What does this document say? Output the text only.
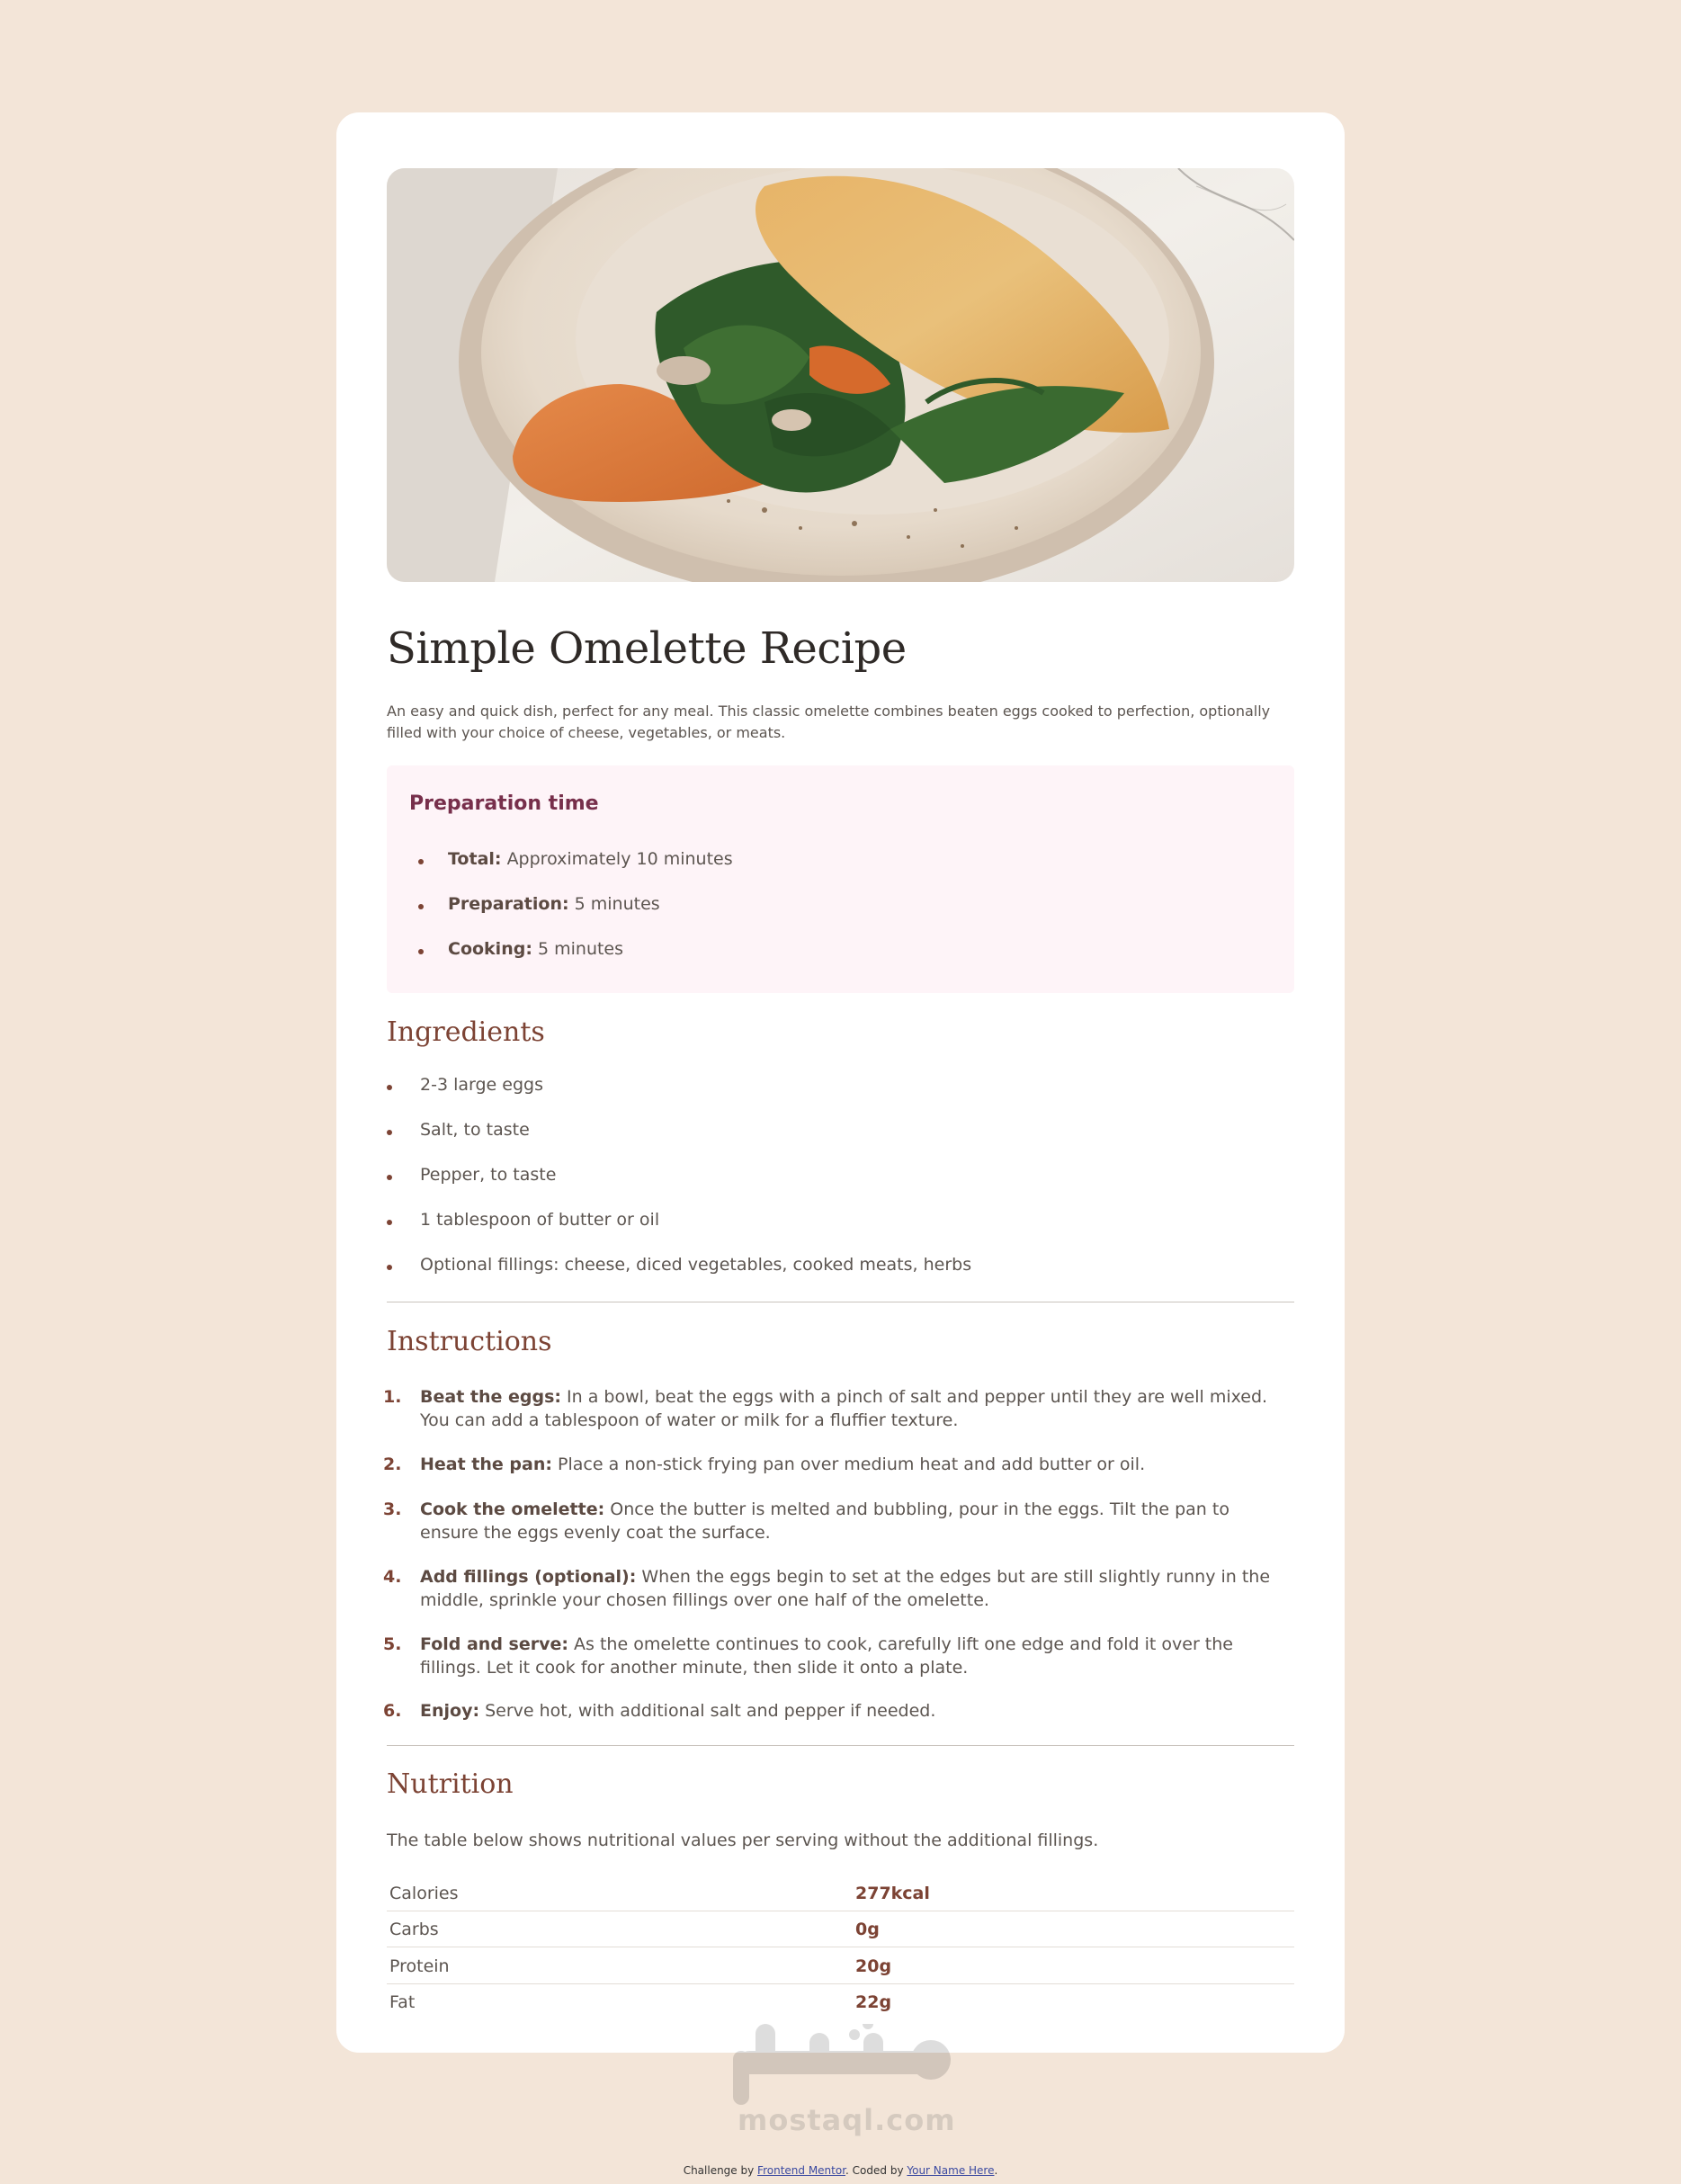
Simple Omelette Recipe

An easy and quick dish, perfect for any meal. This classic omelette combines beaten eggs cooked to perfection, optionally filled with your choice of cheese, vegetables, or meats.

Preparation time
Total: Approximately 10 minutes
Preparation: 5 minutes
Cooking: 5 minutes
Ingredients
2-3 large eggs
Salt, to taste
Pepper, to taste
1 tablespoon of butter or oil
Optional fillings: cheese, diced vegetables, cooked meats, herbs
Instructions
1. Beat the eggs: In a bowl, beat the eggs with a pinch of salt and pepper until they are well mixed. You can add a tablespoon of water or milk for a fluffier texture.
2. Heat the pan: Place a non-stick frying pan over medium heat and add butter or oil.
3. Cook the omelette: Once the butter is melted and bubbling, pour in the eggs. Tilt the pan to ensure the eggs evenly coat the surface.
4. Add fillings (optional): When the eggs begin to set at the edges but are still slightly runny in the middle, sprinkle your chosen fillings over one half of the omelette.
5. Fold and serve: As the omelette continues to cook, carefully lift one edge and fold it over the fillings. Let it cook for another minute, then slide it onto a plate.
6. Enjoy: Serve hot, with additional salt and pepper if needed.
Nutrition

The table below shows nutritional values per serving without the additional fillings.

Calories	277kcal
Carbs	0g
Protein	20g
Fat	22g
mostaql.com
Challenge by Frontend Mentor. Coded by Your Name Here.
